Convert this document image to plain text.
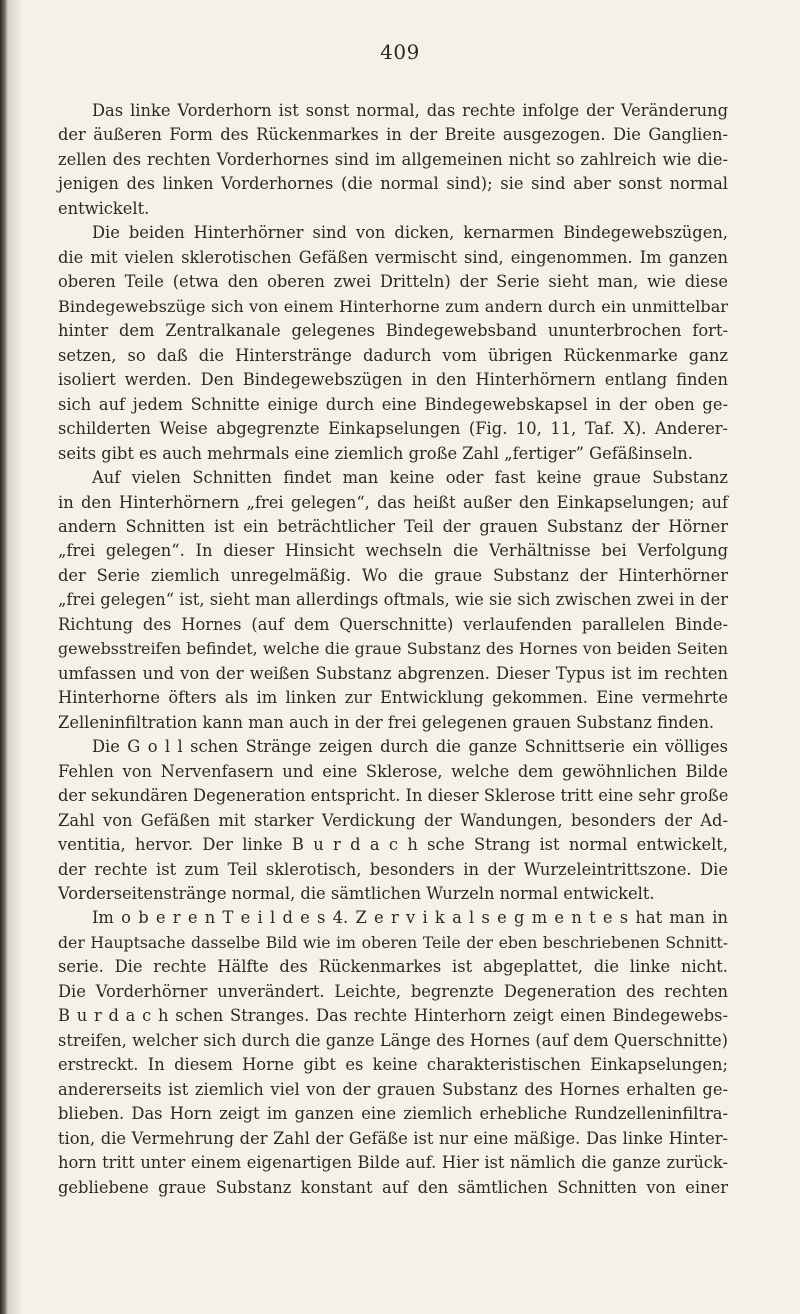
409
Das linke Vorderhorn ist sonst normal, das rechte infolge der Veränderung
der äußeren Form des Rückenmarkes in der Breite ausgezogen. Die Ganglien-
zellen des rechten Vorderhornes sind im allgemeinen nicht so zahlreich wie die-
jenigen des linken Vorderhornes (die normal sind); sie sind aber sonst normal
entwickelt.
Die beiden Hinterhörner sind von dicken, kernarmen Bindegewebszügen,
die mit vielen sklerotischen Gefäßen vermischt sind, eingenommen. Im ganzen
oberen Teile (etwa den oberen zwei Dritteln) der Serie sieht man, wie diese
Bindegewebszüge sich von einem Hinterhorne zum andern durch ein unmittelbar
hinter dem Zentralkanale gelegenes Bindegewebsband ununterbrochen fort-
setzen, so daß die Hinterstränge dadurch vom übrigen Rückenmarke ganz
isoliert werden. Den Bindegewebszügen in den Hinterhörnern entlang finden
sich auf jedem Schnitte einige durch eine Bindegewebskapsel in der oben ge-
schilderten Weise abgegrenzte Einkapselungen (Fig. 10, 11, Taf. X). Anderer-
seits gibt es auch mehrmals eine ziemlich große Zahl „fertiger” Gefäßinseln.
Auf vielen Schnitten findet man keine oder fast keine graue Substanz
in den Hinterhörnern „frei gelegen“, das heißt außer den Einkapselungen; auf
andern Schnitten ist ein beträchtlicher Teil der grauen Substanz der Hörner
„frei gelegen“. In dieser Hinsicht wechseln die Verhältnisse bei Verfolgung
der Serie ziemlich unregelmäßig. Wo die graue Substanz der Hinterhörner
„frei gelegen“ ist, sieht man allerdings oftmals, wie sie sich zwischen zwei in der
Richtung des Hornes (auf dem Querschnitte) verlaufenden parallelen Binde-
gewebsstreifen befindet, welche die graue Substanz des Hornes von beiden Seiten
umfassen und von der weißen Substanz abgrenzen. Dieser Typus ist im rechten
Hinterhorne öfters als im linken zur Entwicklung gekommen. Eine vermehrte
Zelleninfiltration kann man auch in der frei gelegenen grauen Substanz finden.
Die G o l l schen Stränge zeigen durch die ganze Schnittserie ein völliges
Fehlen von Nervenfasern und eine Sklerose, welche dem gewöhnlichen Bilde
der sekundären Degeneration entspricht. In dieser Sklerose tritt eine sehr große
Zahl von Gefäßen mit starker Verdickung der Wandungen, besonders der Ad-
ventitia, hervor. Der linke B u r d a c h sche Strang ist normal entwickelt,
der rechte ist zum Teil sklerotisch, besonders in der Wurzeleintrittszone. Die
Vorderseitenstränge normal, die sämtlichen Wurzeln normal entwickelt.
Im o b e r e n T e i l d e s 4. Z e r v i k a l s e g m e n t e s hat man in
der Hauptsache dasselbe Bild wie im oberen Teile der eben beschriebenen Schnitt-
serie. Die rechte Hälfte des Rückenmarkes ist abgeplattet, die linke nicht.
Die Vorderhörner unverändert. Leichte, begrenzte Degeneration des rechten
B u r d a c h schen Stranges. Das rechte Hinterhorn zeigt einen Bindegewebs-
streifen, welcher sich durch die ganze Länge des Hornes (auf dem Querschnitte)
erstreckt. In diesem Horne gibt es keine charakteristischen Einkapselungen;
andererseits ist ziemlich viel von der grauen Substanz des Hornes erhalten ge-
blieben. Das Horn zeigt im ganzen eine ziemlich erhebliche Rundzelleninfiltra-
tion, die Vermehrung der Zahl der Gefäße ist nur eine mäßige. Das linke Hinter-
horn tritt unter einem eigenartigen Bilde auf. Hier ist nämlich die ganze zurück-
gebliebene graue Substanz konstant auf den sämtlichen Schnitten von einer
